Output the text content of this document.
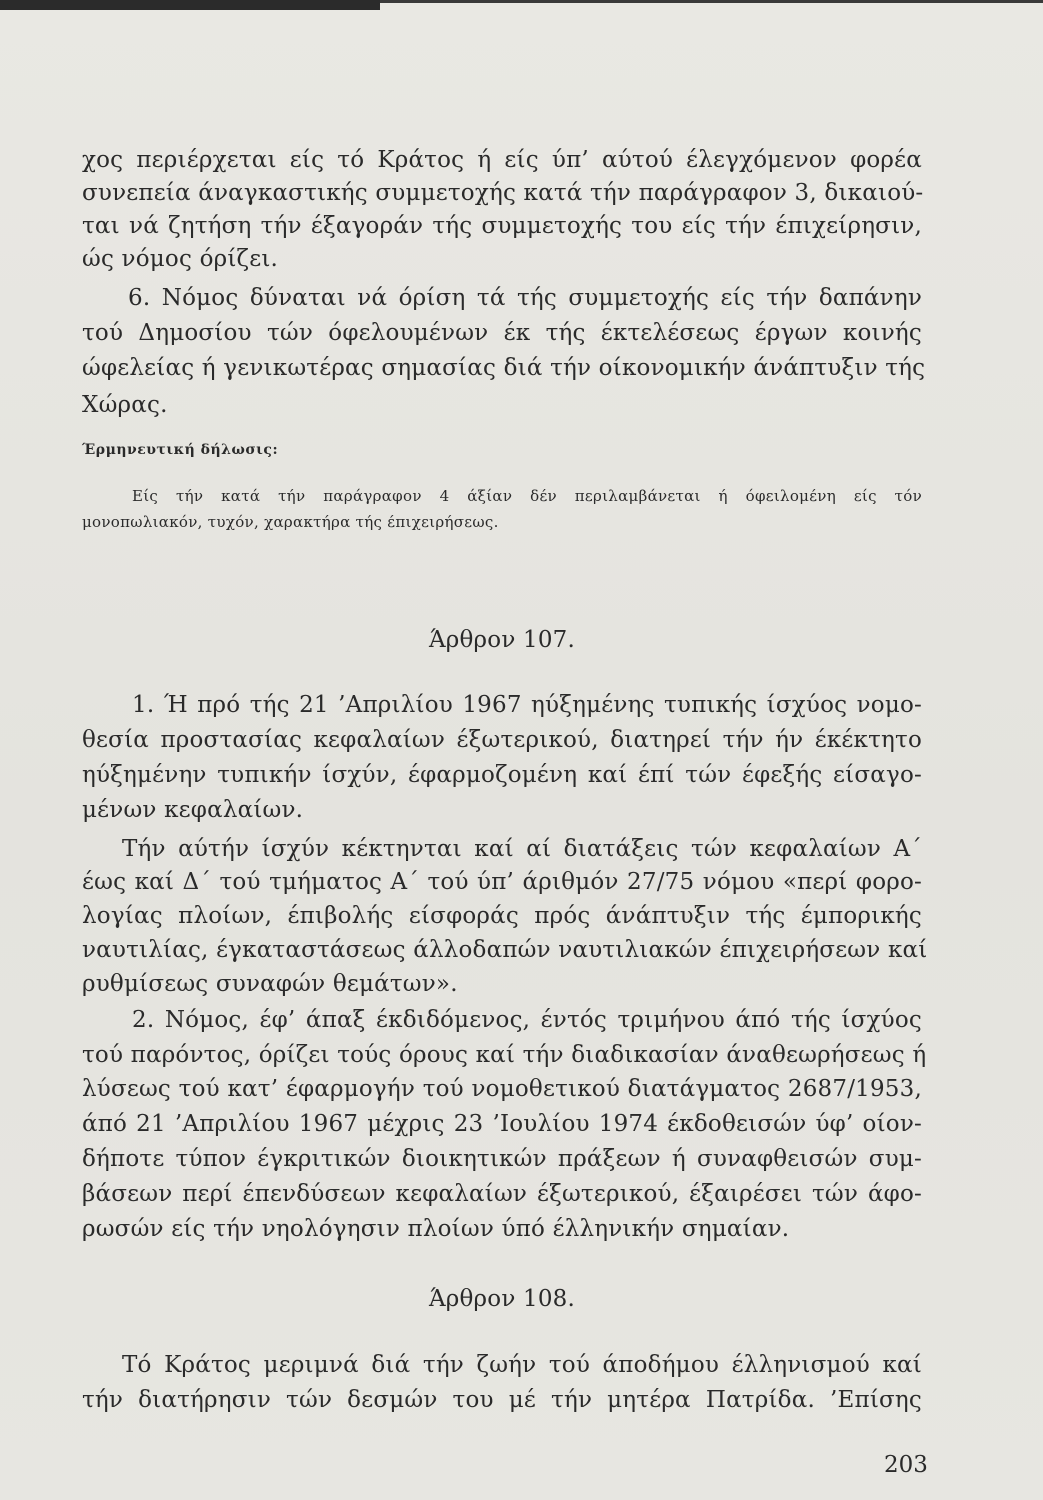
χος περιέρχεται είς τό Κράτος ή είς ύπ’ αύτού έλεγχόμενον φορέα
συνεπεία άναγκαστικής συμμετοχής κατά τήν παράγραφον 3, δικαιού-
ται νά ζητήση τήν έξαγοράν τής συμμετοχής του είς τήν έπιχείρησιν,
ώς νόμος όρίζει.
6. Νόμος δύναται νά όρίση τά τής συμμετοχής είς τήν δαπάνην
τού Δημοσίου τών όφελουμένων έκ τής έκτελέσεως έργων κοινής
ώφελείας ή γενικωτέρας σημασίας διά τήν οίκονομικήν άνάπτυξιν τής
Χώρας.
Έρμηνευτική δήλωσις:
Είς τήν κατά τήν παράγραφον 4 άξίαν δέν περιλαμβάνεται ή όφειλομένη είς τόν
μονοπωλιακόν, τυχόν, χαρακτήρα τής έπιχειρήσεως.
Άρθρον 107.
1. Ή πρό τής 21 ’Απριλίου 1967 ηύξημένης τυπικής ίσχύος νομο-
θεσία προστασίας κεφαλαίων έξωτερικού, διατηρεί τήν ήν έκέκτητο
ηύξημένην τυπικήν ίσχύν, έφαρμοζομένη καί έπί τών έφεξής είσαγο-
μένων κεφαλαίων.
Τήν αύτήν ίσχύν κέκτηνται καί αί διατάξεις τών κεφαλαίων Α΄
έως καί Δ΄ τού τμήματος Α΄ τού ύπ’ άριθμόν 27/75 νόμου «περί φορο-
λογίας πλοίων, έπιβολής είσφοράς πρός άνάπτυξιν τής έμπορικής
ναυτιλίας, έγκαταστάσεως άλλοδαπών ναυτιλιακών έπιχειρήσεων καί
ρυθμίσεως συναφών θεμάτων».
2. Νόμος, έφ’ άπαξ έκδιδόμενος, έντός τριμήνου άπό τής ίσχύος
τού παρόντος, όρίζει τούς όρους καί τήν διαδικασίαν άναθεωρήσεως ή
λύσεως τού κατ’ έφαρμογήν τού νομοθετικού διατάγματος 2687/1953,
άπό 21 ’Απριλίου 1967 μέχρις 23 ’Ιουλίου 1974 έκδοθεισών ύφ’ οίον-
δήποτε τύπον έγκριτικών διοικητικών πράξεων ή συναφθεισών συμ-
βάσεων περί έπενδύσεων κεφαλαίων έξωτερικού, έξαιρέσει τών άφο-
ρωσών είς τήν νηολόγησιν πλοίων ύπό έλληνικήν σημαίαν.
Άρθρον 108.
Τό Κράτος μεριμνά διά τήν ζωήν τού άποδήμου έλληνισμού καί
τήν διατήρησιν τών δεσμών του μέ τήν μητέρα Πατρίδα. ’Επίσης
203
